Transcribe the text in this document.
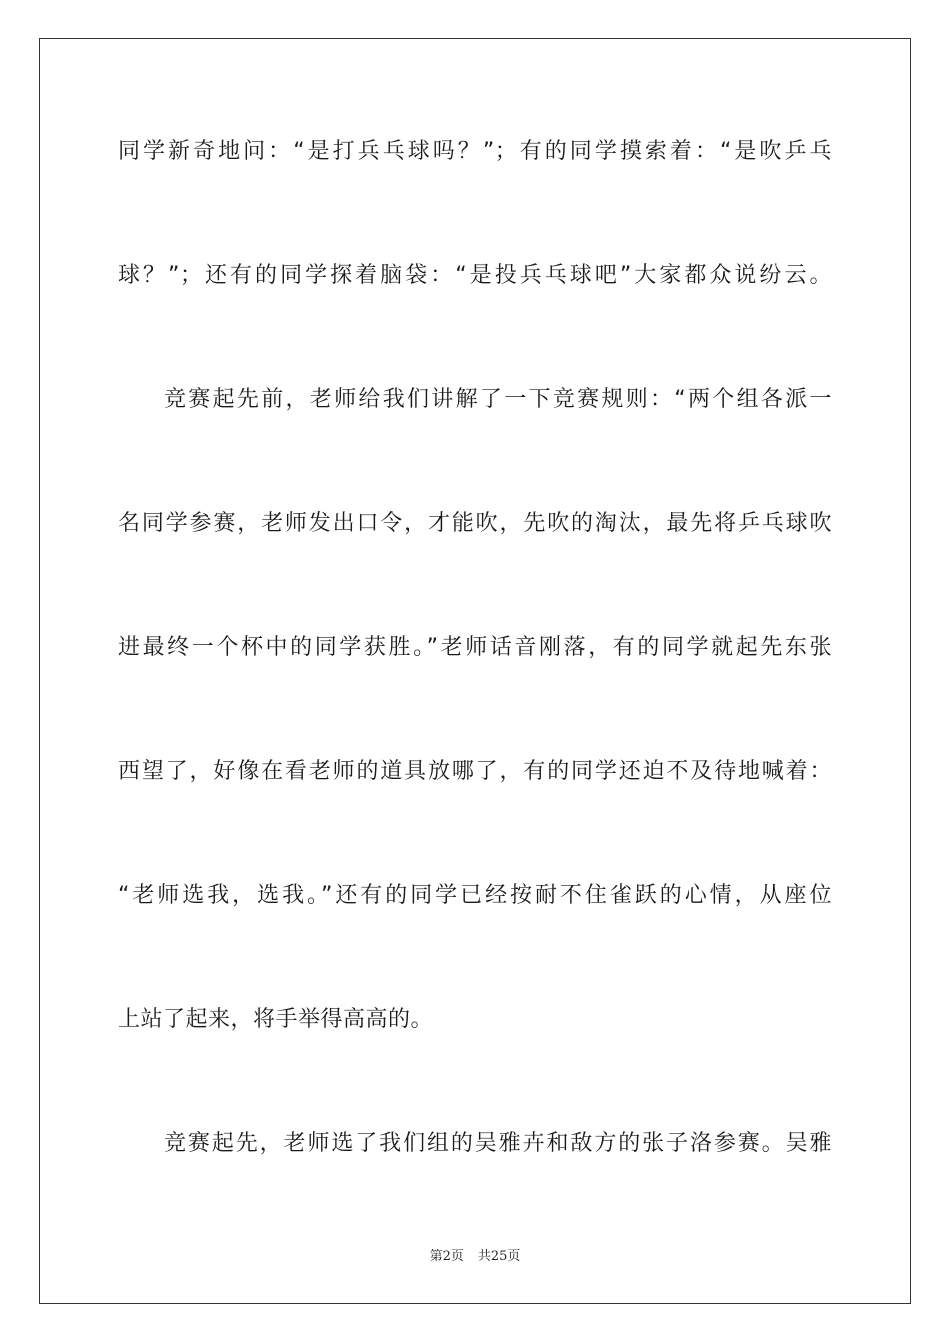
同学新奇地问：“是打兵乓球吗？”；有的同学摸索着：“是吹乒乓
球？”；还有的同学探着脑袋：“是投兵乓球吧”大家都众说纷云。
竞赛起先前，老师给我们讲解了一下竞赛规则：“两个组各派一
名同学参赛，老师发出口令，才能吹，先吹的淘汰，最先将乒乓球吹
进最终一个杯中的同学获胜。”老师话音刚落，有的同学就起先东张
西望了，好像在看老师的道具放哪了，有的同学还迫不及待地喊着：
“老师选我，选我。”还有的同学已经按耐不住雀跃的心情，从座位
上站了起来，将手举得高高的。
竞赛起先，老师选了我们组的吴雅卉和敌方的张子洛参赛。吴雅
第2页 共25页
